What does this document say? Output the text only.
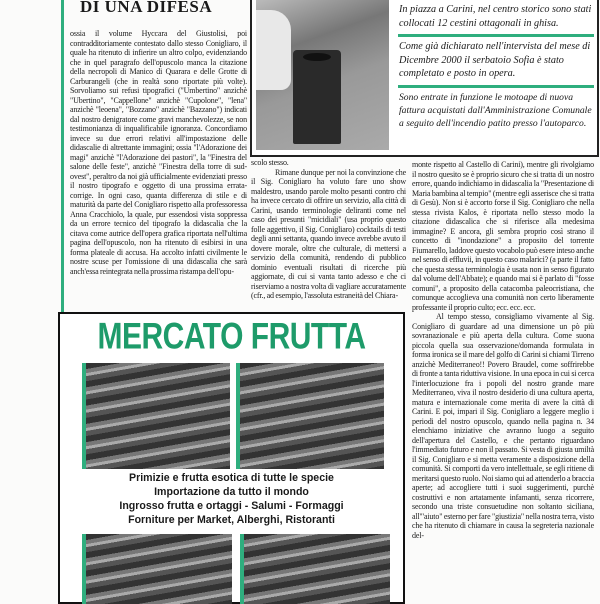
DI UNA DIFESA

ossia il volume Hyccara del Giustolisi, poi contradditoriamente contestato dallo stesso Conigliaro, il quale ha ritenuto di infierire un altro colpo, evidenziando che in quel paragrafo dell'opuscolo manca la citazione della necropoli di Manico di Quarara e delle Grotte di Carburangeli (che in realtà sono riportate più volte). Sorvoliamo sui refusi tipografici ("Umbertino" anzichè "Ubertino", "Cappellone" anzichè "Cupolone", "lena" anzichè "leoena", "Bozzano" anzichè "Bazzano") indicati dal nostro denigratore come gravi manchevolezze, se non testimonianza di inqualificabile ignoranza. Concordiamo invece su due errori relativi all'impostazione delle didascalie di altrettante immagini; ossia "l'Adorazione dei magi" anzichè "l'Adorazione dei pastori", la "Finestra del salone delle feste", anzichè "Finestra della torre di sud-ovest", peraltro da noi già ufficialmente evidenziati presso il nostro tipografo e oggetto di una prossima errata-corrige. In ogni caso, quanta differenza di stile e di maturità da parte del Conigliaro rispetto alla professoressa Anna Cracchiolo, la quale, pur essendosi vista soppressa da un errore tecnico del tipografo la didascalia che la citava come autrice dell'opera grafica riportata nell'ultima pagina dell'opuscolo, non ha ritenuto di esibirsi in una forma plateale di accusa. Ha accolto infatti civilmente le nostre scuse per l'omissione di una didascalia che sarà anch'essa reintegrata nella prossima ristampa dell'opu-

In piazza a Carini, nel centro storico sono stati collocati 12 cestini ottagonali in ghisa.

Come già dichiarato nell'intervista del mese di Dicembre 2000 il serbatoio Sofia è stato completato e posto in opera.

Sono entrate in funzione le motoape di nuova fattura acquistati dall'Amministrazione Comunale a seguito dell'incendio patito presso l'autoparco.

scolo stesso.

Rimane dunque per noi la convinzione che il Sig. Conigliaro ha voluto fare uno show maldestro, usando parole molto pesanti contro chi ha invece cercato di offrire un servizio, alla città di Carini, usando terminologie deliranti come nel caso dei presunti "micidiali" (usa proprio questo folle aggettivo, il Sig. Conigliaro) cocktails di testi degli anni settanta, quando invece avrebbe avuto il dovere morale, oltre che culturale, di mettersi a servizio della comunità, rendendo di pubblico dominio eventuali risultati di ricerche più aggiornate, di cui si vanta tanto adesso e che ci riserviamo a nostra volta di vagliare accuratamente (cfr., ad esempio, l'assoluta estraneità del Chiara-

monte rispetto al Castello di Carini), mentre gli rivolgiamo il nostro quesito se è proprio sicuro che si tratta di un nostro errore, quando indichiamo in didascalia la "Presentazione di Maria bambina al tempio" (mentre egli asserisce che si tratta di Gesù). Non si è accorto forse il Sig. Conigliaro che nella stessa rivista Kalos, è riportata nello stesso modo la citazione didascalica che si riferisce alla medesima immagine? E ancora, gli sembra proprio così strano il concetto di "inondazione" a proposito del torrente Fiumarello, laddove questo vocabolo può esere inteso anche nel senso di effluvii, in questo caso malarici? (a parte il fatto che questa stessa terminologia è usata non in senso figurato dal volume dell'Abbate); e quando mai si è parlato di "fosse comuni", a proposito della catacomba paleocristiana, che comunque accoglieva una comunità non certo liberamente professante il proprio culto; ecc. ecc. ecc.

Al tempo stesso, consigliamo vivamente al Sig. Conigliaro di guardare ad una dimensione un pò più sovranazionale e più aperta della cultura. Come suona piccola quella sua osservazione/domanda formulata in forma ironica se il mare del golfo di Carini si chiami Tirreno anzichè Mediterraneo!! Povero Braudel, come soffrirebbe di fronte a tanta riduttiva visione. In una epoca in cui si cerca l'interlocuzione fra i popoli del nostro grande mare Mediterraneo, viva il nostro desiderio di una cultura aperta, matura e internazionale come merita di avere la città di Carini. E poi, impari il Sig. Conigliaro a leggere meglio i periodi del nostro opuscolo, quando nella pagina n. 34 elenchiamo iniziative che avranno luogo a seguito dell'apertura del Castello, e che pertanto riguardano l'immediato futuro e non il passato. Si vesta di giusta umiltà il Sig. Conigliaro e si metta veramente a disposizione della comunità. Si comporti da vero intellettuale, se egli ritiene di meritarsi questo ruolo. Noi siamo qui ad attenderlo a braccia aperte; ad accogliere tutti i suoi suggerimenti, purchè costruttivi e non artatamente infamanti, senza ricorrere, secondo una triste consuetudine non soltanto siciliana, all'"aiuto" esterno per fare "giustizia" nella nostra terra, visto che ha ritenuto di chiamare in causa la segreteria nazionale del-

MERCATO FRUTTA
Primizie e frutta esotica di tutte le specie
Importazione da tutto il mondo
Ingrosso frutta e ortaggi - Salumi - Formaggi
Forniture per Market, Alberghi, Ristoranti
